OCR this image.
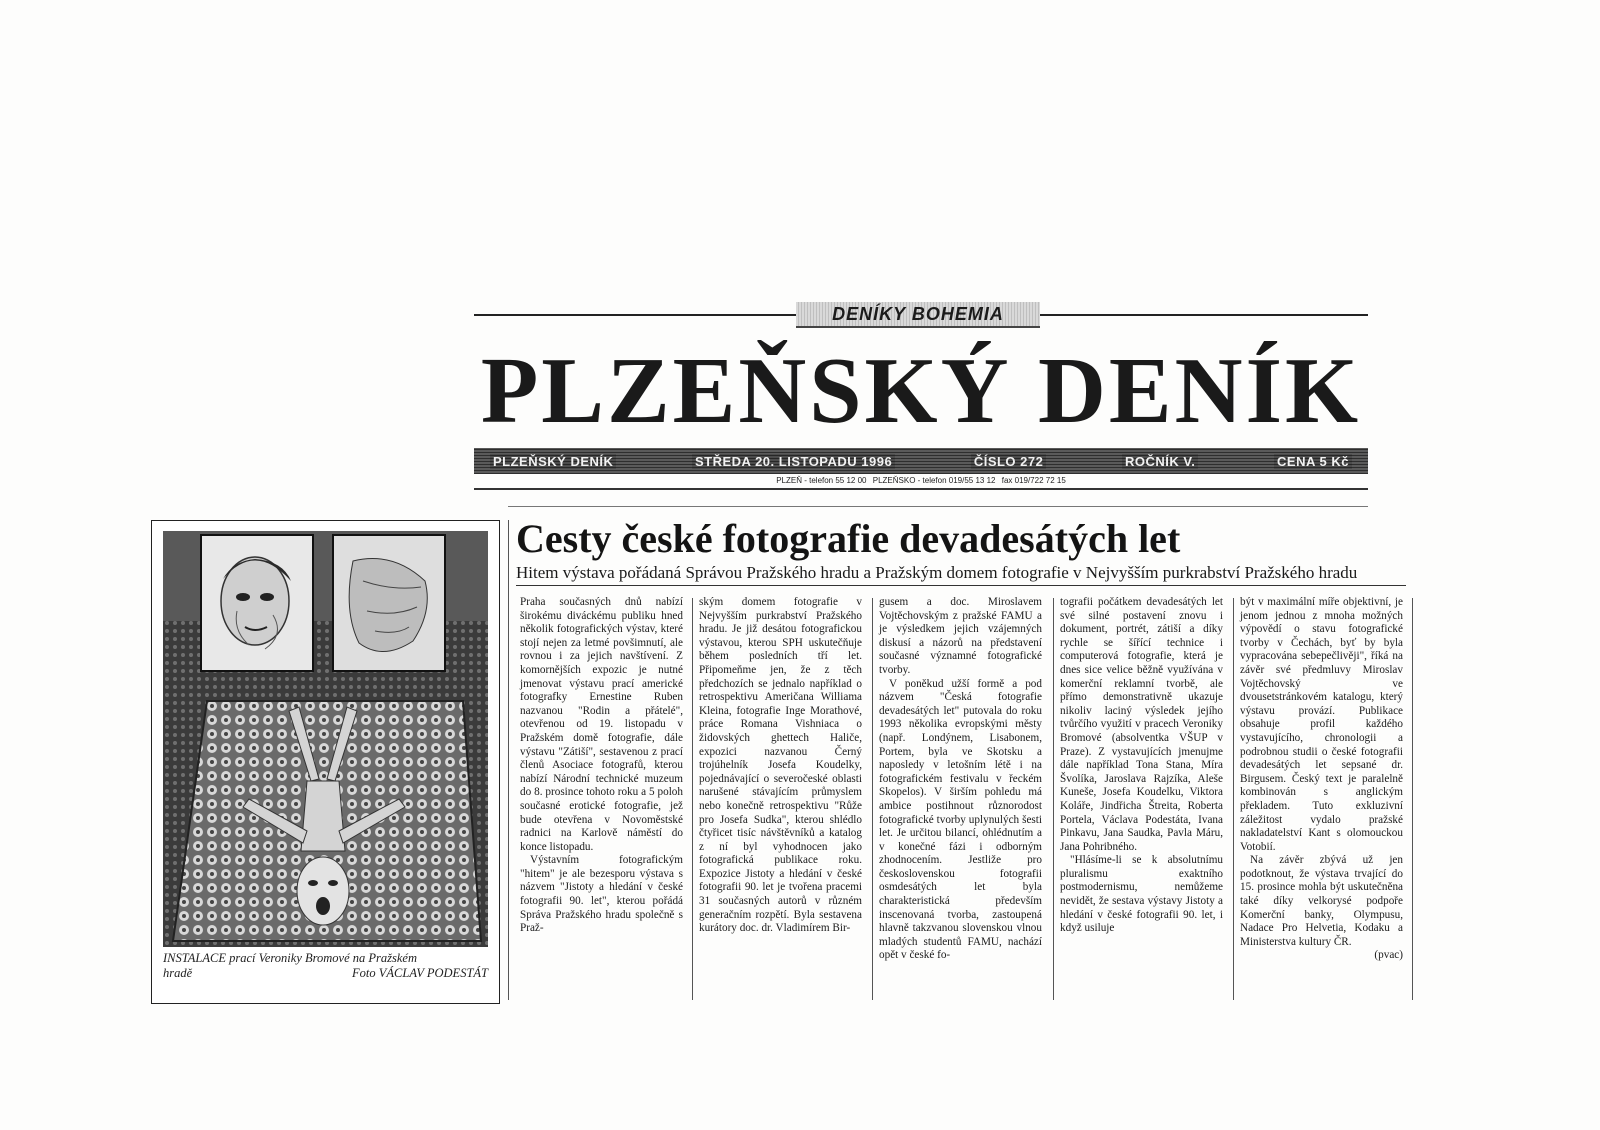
DENÍKY BOHEMIA
PLZEŇSKÝ DENÍK
PLZEŇSKÝ DENÍK	STŘEDA 20. LISTOPADU 1996	ČÍSLO 272	ROČNÍK V.	CENA 5 Kč
PLZEŇ - telefon 55 12 00 PLZEŇSKO - telefon 019/55 13 12 fax 019/722 72 15
INSTALACE prací Veroniky Bromové na Pražském
hradě	Foto VÁCLAV PODESTÁT
Cesty české fotografie devadesátých let
Hitem výstava pořádaná Správou Pražského hradu a Pražským domem fotografie v Nejvyšším purkrabství Pražského hradu

Praha současných dnů nabízí širokému diváckému publiku hned několik fotografických výstav, které stojí nejen za letmé povšimnutí, ale rovnou i za jejich navštívení. Z komornějších expozic je nutné jmenovat výstavu prací americké fotografky Ernestine Ruben nazvanou "Rodin a přátelé", otevřenou od 19. listopadu v Pražském domě fotografie, dále výstavu "Zátiší", sestavenou z prací členů Asociace fotografů, kterou nabízí Národní technické muzeum do 8. prosince tohoto roku a 5 poloh současné erotické fotografie, jež bude otevřena v Novoměstské radnici na Karlově náměstí do konce listopadu.

Výstavním fotografickým "hitem" je ale bezesporu výstava s názvem "Jistoty a hledání v české fotografii 90. let", kterou pořádá Správa Pražského hradu společně s Praž-

ským domem fotografie v Nejvyšším purkrabství Pražského hradu. Je již desátou fotografickou výstavou, kterou SPH uskutečňuje během posledních tří let. Připomeňme jen, že z těch předchozích se jednalo například o retrospektivu Američana Williama Kleina, fotografie Inge Morathové, práce Romana Vishniaca o židovských ghettech Haliče, expozici nazvanou Černý trojúhelník Josefa Koudelky, pojednávající o severočeské oblasti narušené stávajícím průmyslem nebo konečně retrospektivu "Růže pro Josefa Sudka", kterou shlédlo čtyřicet tisíc návštěvníků a katalog z ní byl vyhodnocen jako fotografická publikace roku. Expozice Jistoty a hledání v české fotografii 90. let je tvořena pracemi 31 současných autorů v různém generačním rozpětí. Byla sestavena kurátory doc. dr. Vladimírem Bir-

gusem a doc. Miroslavem Vojtěchovským z pražské FAMU a je výsledkem jejich vzájemných diskusí a názorů na představení současné významné fotografické tvorby.

V poněkud užší formě a pod názvem "Česká fotografie devadesátých let" putovala do roku 1993 několika evropskými městy (např. Londýnem, Lisabonem, Portem, byla ve Skotsku a naposledy v letošním létě i na fotografickém festivalu v řeckém Skopelos). V širším pohledu má ambice postihnout různorodost fotografické tvorby uplynulých šesti let. Je určitou bilancí, ohlédnutím a v konečné fázi i odborným zhodnocením. Jestliže pro československou fotografii osmdesátých let byla charakteristická především inscenovaná tvorba, zastoupená hlavně takzvanou slovenskou vlnou mladých studentů FAMU, nachází opět v české fo-

tografii počátkem devadesátých let své silné postavení znovu i dokument, portrét, zátiší a díky rychle se šířící technice i computerová fotografie, která je dnes sice velice běžně využívána v komerční reklamní tvorbě, ale přímo demonstrativně ukazuje nikoliv laciný výsledek jejího tvůrčího využití v pracech Veroniky Bromové (absolventka VŠUP v Praze). Z vystavujících jmenujme dále například Tona Stana, Míra Švolíka, Jaroslava Rajzíka, Aleše Kuneše, Josefa Koudelku, Viktora Koláře, Jindřicha Štreita, Roberta Portela, Václava Podestáta, Ivana Pinkavu, Jana Saudka, Pavla Máru, Jana Pohribného.

"Hlásíme-li se k absolutnímu pluralismu exaktního postmodernismu, nemůžeme nevidět, že sestava výstavy Jistoty a hledání v české fotografii 90. let, i když usiluje

být v maximální míře objektivní, je jenom jednou z mnoha možných výpovědí o stavu fotografické tvorby v Čechách, byť by byla vypracována sebepečlivěji", říká na závěr své předmluvy Miroslav Vojtěchovský ve dvousetstránkovém katalogu, který výstavu provází. Publikace obsahuje profil každého vystavujícího, chronologii a podrobnou studii o české fotografii devadesátých let sepsané dr. Birgusem. Český text je paralelně kombinován s anglickým překladem. Tuto exkluzivní záležitost vydalo pražské nakladatelství Kant s olomouckou Votobií.

Na závěr zbývá už jen podotknout, že výstava trvající do 15. prosince mohla být uskutečněna také díky velkorysé podpoře Komerční banky, Olympusu, Nadace Pro Helvetia, Kodaku a Ministerstva kultury ČR.

(pvac)
